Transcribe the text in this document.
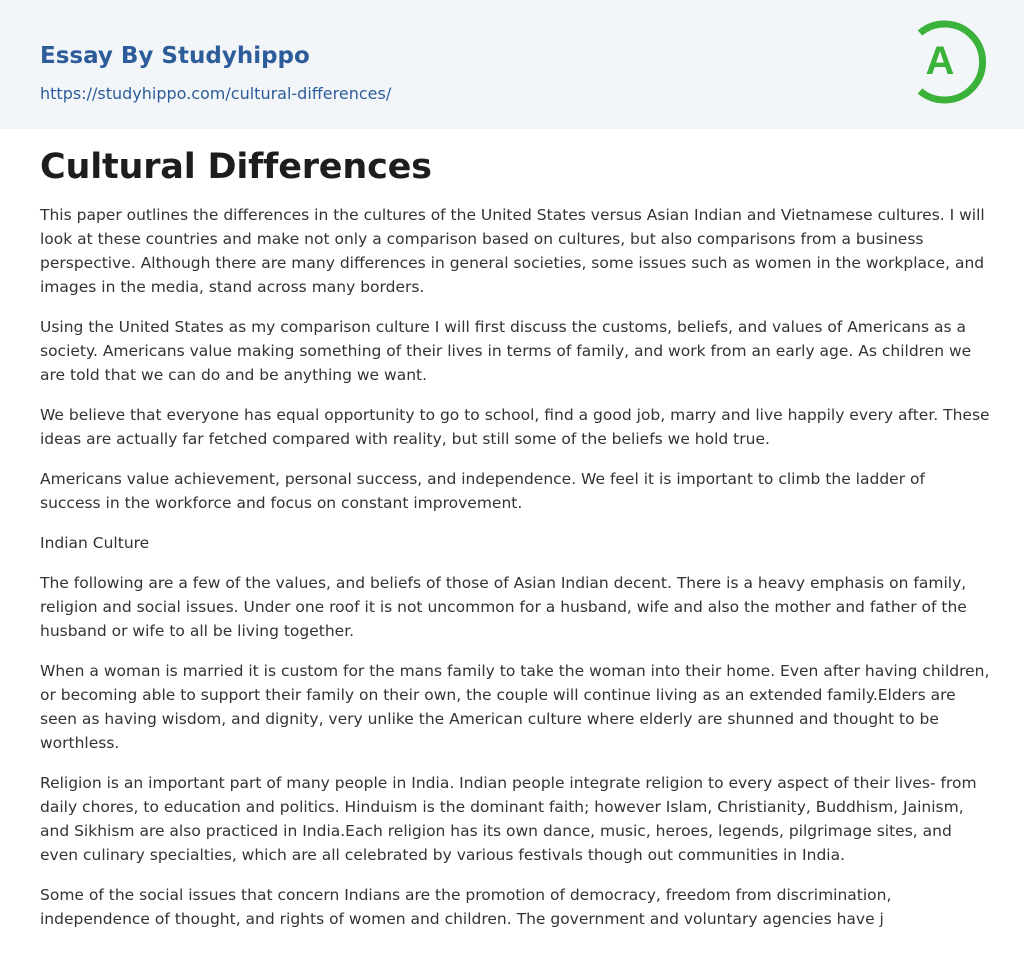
Essay By Studyhippo
https://studyhippo.com/cultural-differences/
A
Cultural Differences

This paper outlines the differences in the cultures of the United States versus Asian Indian and Vietnamese cultures. I will look at these countries and make not only a comparison based on cultures, but also comparisons from a business perspective. Although there are many differences in general societies, some issues such as women in the workplace, and images in the media, stand across many borders.

Using the United States as my comparison culture I will first discuss the customs, beliefs, and values of Americans as a society. Americans value making something of their lives in terms of family, and work from an early age. As children we are told that we can do and be anything we want.

We believe that everyone has equal opportunity to go to school, find a good job, marry and live happily every after. These ideas are actually far fetched compared with reality, but still some of the beliefs we hold true.

Americans value achievement, personal success, and independence. We feel it is important to climb the ladder of success in the workforce and focus on constant improvement.

Indian Culture

The following are a few of the values, and beliefs of those of Asian Indian decent. There is a heavy emphasis on family, religion and social issues. Under one roof it is not uncommon for a husband, wife and also the mother and father of the husband or wife to all be living together.

When a woman is married it is custom for the mans family to take the woman into their home. Even after having children, or becoming able to support their family on their own, the couple will continue living as an extended family.Elders are seen as having wisdom, and dignity, very unlike the American culture where elderly are shunned and thought to be worthless.

Religion is an important part of many people in India. Indian people integrate religion to every aspect of their lives- from daily chores, to education and politics. Hinduism is the dominant faith; however Islam, Christianity, Buddhism, Jainism, and Sikhism are also practiced in India.Each religion has its own dance, music, heroes, legends, pilgrimage sites, and even culinary specialties, which are all celebrated by various festivals though out communities in India.

Some of the social issues that concern Indians are the promotion of democracy, freedom from discrimination, independence of thought, and rights of women and children. The government and voluntary agencies have j
